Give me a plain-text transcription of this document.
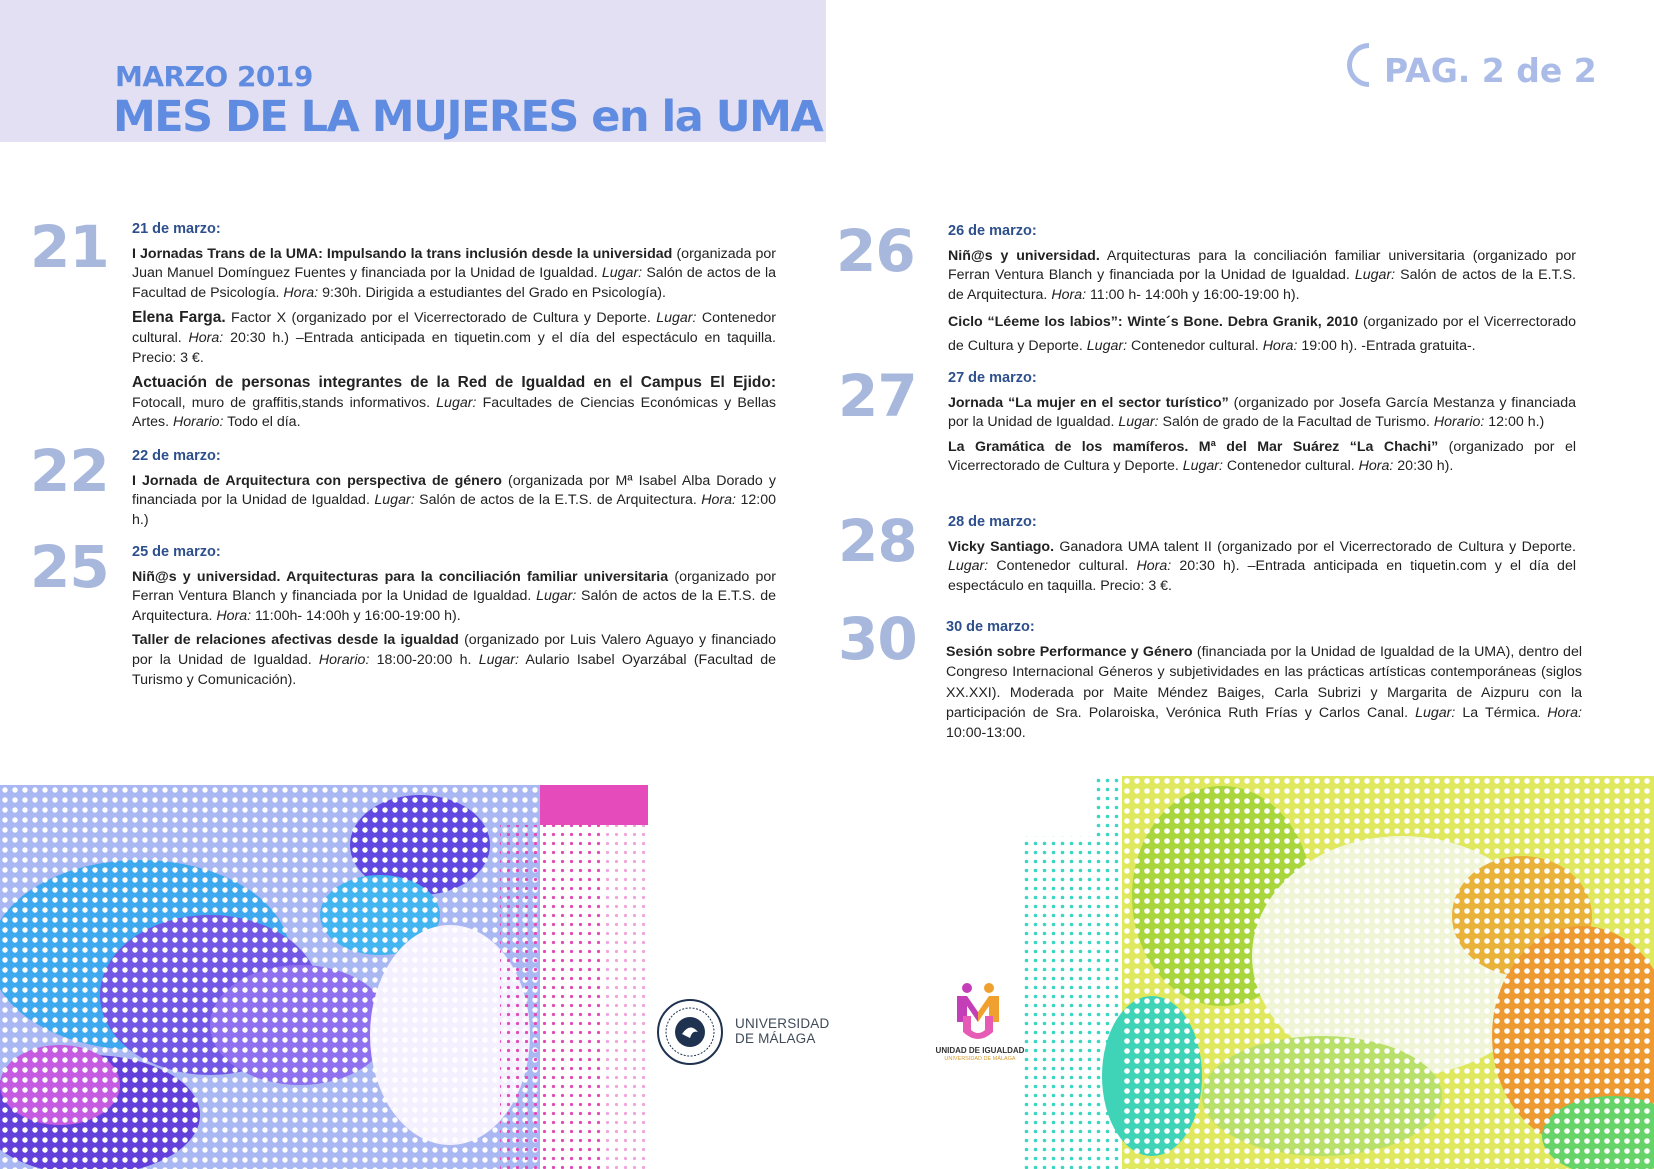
MARZO 2019
MES DE LA MUJERES en la UMA
PAG. 2 de 2
21 21 de marzo:
I Jornadas Trans de la UMA: Impulsando la trans inclusión desde la universidad (organizada por Juan Manuel Domínguez Fuentes y financiada por la Unidad de Igualdad. Lugar: Salón de actos de la Facultad de Psicología. Hora: 9:30h. Dirigida a estudiantes del Grado en Psicología).
Elena Farga. Factor X (organizado por el Vicerrectorado de Cultura y Deporte. Lugar: Contenedor cultural. Hora: 20:30 h.) –Entrada anticipada en tiquetin.com y el día del espectáculo en taquilla. Precio: 3 €.
Actuación de personas integrantes de la Red de Igualdad en el Campus El Ejido: Fotocall, muro de graffitis,stands informativos. Lugar: Facultades de Ciencias Económicas y Bellas Artes. Horario: Todo el día.
22 22 de marzo:
I Jornada de Arquitectura con perspectiva de género (organizada por Mª Isabel Alba Dorado y financiada por la Unidad de Igualdad. Lugar: Salón de actos de la E.T.S. de Arquitectura. Hora: 12:00 h.)
25 25 de marzo:
Niñ@s y universidad. Arquitecturas para la conciliación familiar universitaria (organizado por Ferran Ventura Blanch y financiada por la Unidad de Igualdad. Lugar: Salón de actos de la E.T.S. de Arquitectura. Hora: 11:00h- 14:00h y 16:00-19:00 h).
Taller de relaciones afectivas desde la igualdad (organizado por Luis Valero Aguayo y financiado por la Unidad de Igualdad. Horario: 18:00-20:00 h. Lugar: Aulario Isabel Oyarzábal (Facultad de Turismo y Comunicación).
26 26 de marzo:
Niñ@s y universidad. Arquitecturas para la conciliación familiar universitaria (organizado por Ferran Ventura Blanch y financiada por la Unidad de Igualdad. Lugar: Salón de actos de la E.T.S. de Arquitectura. Hora: 11:00 h- 14:00h y 16:00-19:00 h).
Ciclo “Léeme los labios”: Winte´s Bone. Debra Granik, 2010 (organizado por el Vicerrectorado de Cultura y Deporte. Lugar: Contenedor cultural. Hora: 19:00 h). -Entrada gratuita-.
27 27 de marzo:
Jornada “La mujer en el sector turístico” (organizado por Josefa García Mestanza y financiada por la Unidad de Igualdad. Lugar: Salón de grado de la Facultad de Turismo. Horario: 12:00 h.)
La Gramática de los mamíferos. Mª del Mar Suárez “La Chachi” (organizado por el Vicerrectorado de Cultura y Deporte. Lugar: Contenedor cultural. Hora: 20:30 h).
28 28 de marzo:
Vicky Santiago. Ganadora UMA talent II (organizado por el Vicerrectorado de Cultura y Deporte. Lugar: Contenedor cultural. Hora: 20:30 h). –Entrada anticipada en tiquetin.com y el día del espectáculo en taquilla. Precio: 3 €.
30 30 de marzo:
Sesión sobre Performance y Género (financiada por la Unidad de Igualdad de la UMA), dentro del Congreso Internacional Géneros y subjetividades en las prácticas artísticas contemporáneas (siglos XX.XXI). Moderada por Maite Méndez Baiges, Carla Subrizi y Margarita de Aizpuru con la participación de Sra. Polaroiska, Verónica Ruth Frías y Carlos Canal. Lugar: La Térmica. Hora: 10:00-13:00.
UNIVERSIDAD
DE MÁLAGA
UNIDAD DE IGUALDAD
UNIVERSIDAD DE MÁLAGA
